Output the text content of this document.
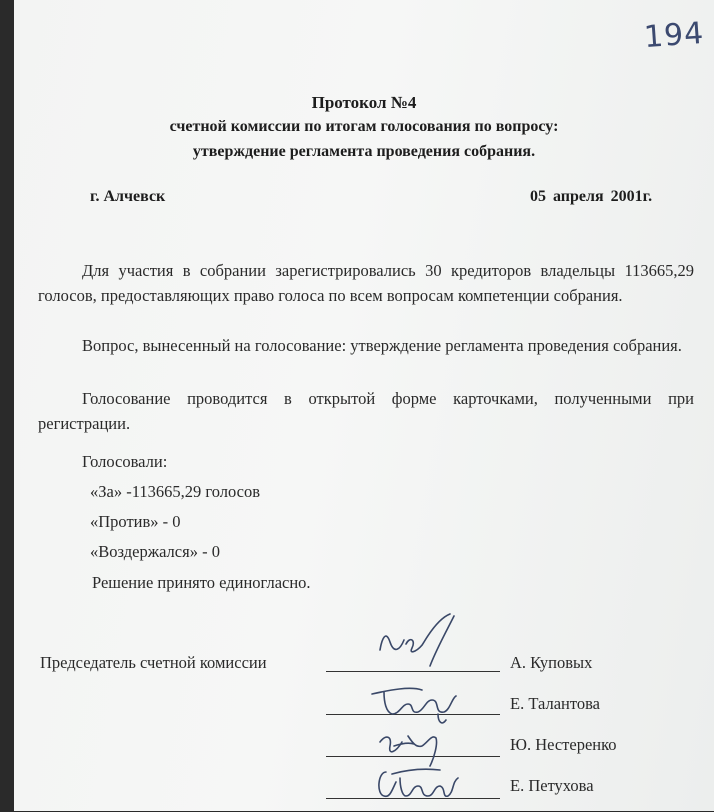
194
Протокол №4
счетной комиссии по итогам голосования по вопросу:
утверждение регламента проведения собрания.
г. Алчевск	05 апреля 2001г.
Для участия в собрании зарегистрировались 30 кредиторов владельцы 113665,29 голосов, предоставляющих право голоса по всем вопросам компетенции собрания.
Вопрос, вынесенный на голосование: утверждение регламента проведения собрания.
Голосование проводится в открытой форме карточками, полученными при регистрации.
Голосовали:
«За» -113665,29 голосов
«Против» - 0
«Воздержался» - 0
Решение принято единогласно.
Председатель счетной комиссии	А. Куповых
Е. Талантова
Ю. Нестеренко
Е. Петухова
